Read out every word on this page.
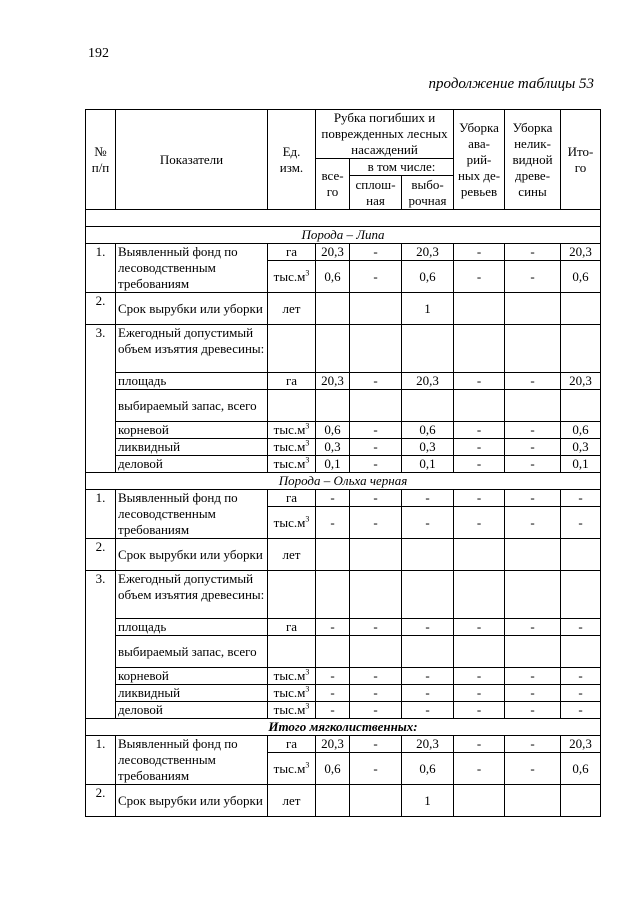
192
продолжение таблицы 53
№ п/п	Показатели	Ед. изм.	Рубка погибших и поврежденных лесных насаждений			Уборка ава-рий-ных де-ревьев	Уборка нелик-видной древе-сины	Ито-го
			все-го	в том числе:				
				сплош-ная	выбо-рочная			

Порода – Липа								
1.	Выявленный фонд по лесоводственным требованиям	га	20,3	-	20,3	-	-	20,3
		$тыс.м^3$	0,6	-	0,6	-	-	0,6
2.	Срок вырубки или уборки	лет			1			
3.	Ежегодный допустимый объем изъятия древесины:							
	площадь	га	20,3	-	20,3	-	-	20,3
	выбираемый запас, всего							
	корневой	$тыс.м^3$	0,6	-	0,6	-	-	0,6
	ликвидный	$тыс.м^3$	0,3	-	0,3	-	-	0,3
	деловой	$тыс.м^3$	0,1	-	0,1	-	-	0,1

Порода – Ольха черная								
1.	Выявленный фонд по лесоводственным требованиям	га	-	-	-	-	-	-
		$тыс.м^3$	-	-	-	-	-	-
2.	Срок вырубки или уборки	лет						
3.	Ежегодный допустимый объем изъятия древесины:							
	площадь	га	-	-	-	-	-	-
	выбираемый запас, всего							
	корневой	$тыс.м^3$	-	-	-	-	-	-
	ликвидный	$тыс.м^3$	-	-	-	-	-	-
	деловой	$тыс.м^3$	-	-	-	-	-	-

Итого мягколиственных:								
1.	Выявленный фонд по лесоводственным требованиям	га	20,3	-	20,3	-	-	20,3
		$тыс.м^3$	0,6	-	0,6	-	-	0,6
2.	Срок вырубки или уборки	лет			1			
